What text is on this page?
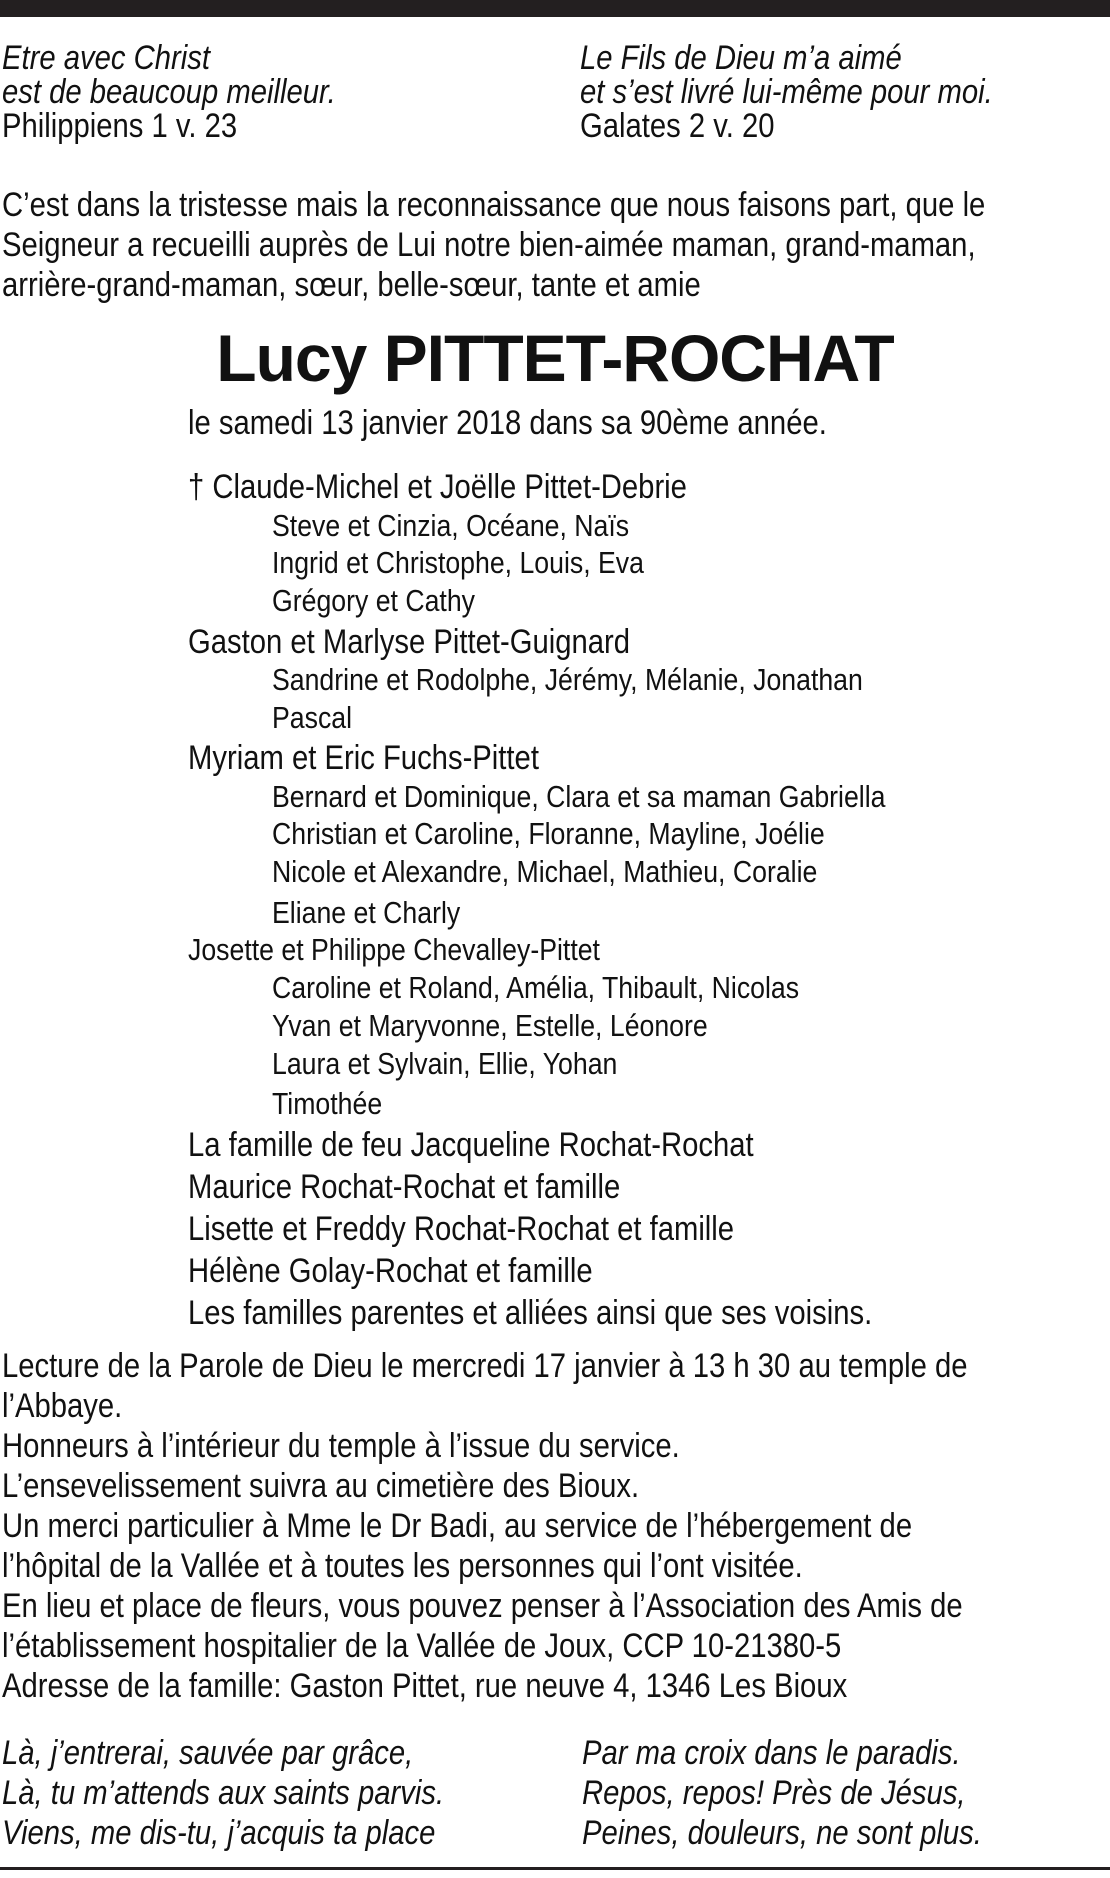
Etre avec Christ
est de beaucoup meilleur.
Philippiens 1 v. 23
Le Fils de Dieu m’a aimé
et s’est livré lui-même pour moi.
Galates 2 v. 20
C’est dans la tristesse mais la reconnaissance que nous faisons part, que le
Seigneur a recueilli auprès de Lui notre bien-aimée maman, grand-maman,
arrière-grand-maman, sœur, belle-sœur, tante et amie
Lucy PITTET-ROCHAT
le samedi 13 janvier 2018 dans sa 90ème année.
† Claude-Michel et Joëlle Pittet-Debrie
Steve et Cinzia, Océane, Naïs
Ingrid et Christophe, Louis, Eva
Grégory et Cathy
Gaston et Marlyse Pittet-Guignard
Sandrine et Rodolphe, Jérémy, Mélanie, Jonathan
Pascal
Myriam et Eric Fuchs-Pittet
Bernard et Dominique, Clara et sa maman Gabriella
Christian et Caroline, Floranne, Mayline, Joélie
Nicole et Alexandre, Michael, Mathieu, Coralie
Eliane et Charly
Josette et Philippe Chevalley-Pittet
Caroline et Roland, Amélia, Thibault, Nicolas
Yvan et Maryvonne, Estelle, Léonore
Laura et Sylvain, Ellie, Yohan
Timothée
La famille de feu Jacqueline Rochat-Rochat
Maurice Rochat-Rochat et famille
Lisette et Freddy Rochat-Rochat et famille
Hélène Golay-Rochat et famille
Les familles parentes et alliées ainsi que ses voisins.
Lecture de la Parole de Dieu le mercredi 17 janvier à 13 h 30 au temple de
l’Abbaye.
Honneurs à l’intérieur du temple à l’issue du service.
L’ensevelissement suivra au cimetière des Bioux.
Un merci particulier à Mme le Dr Badi, au service de l’hébergement de
l’hôpital de la Vallée et à toutes les personnes qui l’ont visitée.
En lieu et place de fleurs, vous pouvez penser à l’Association des Amis de
l’établissement hospitalier de la Vallée de Joux, CCP 10-21380-5
Adresse de la famille: Gaston Pittet, rue neuve 4, 1346 Les Bioux
Là, j’entrerai, sauvée par grâce,
Là, tu m’attends aux saints parvis.
Viens, me dis-tu, j’acquis ta place
Par ma croix dans le paradis.
Repos, repos! Près de Jésus,
Peines, douleurs, ne sont plus.
